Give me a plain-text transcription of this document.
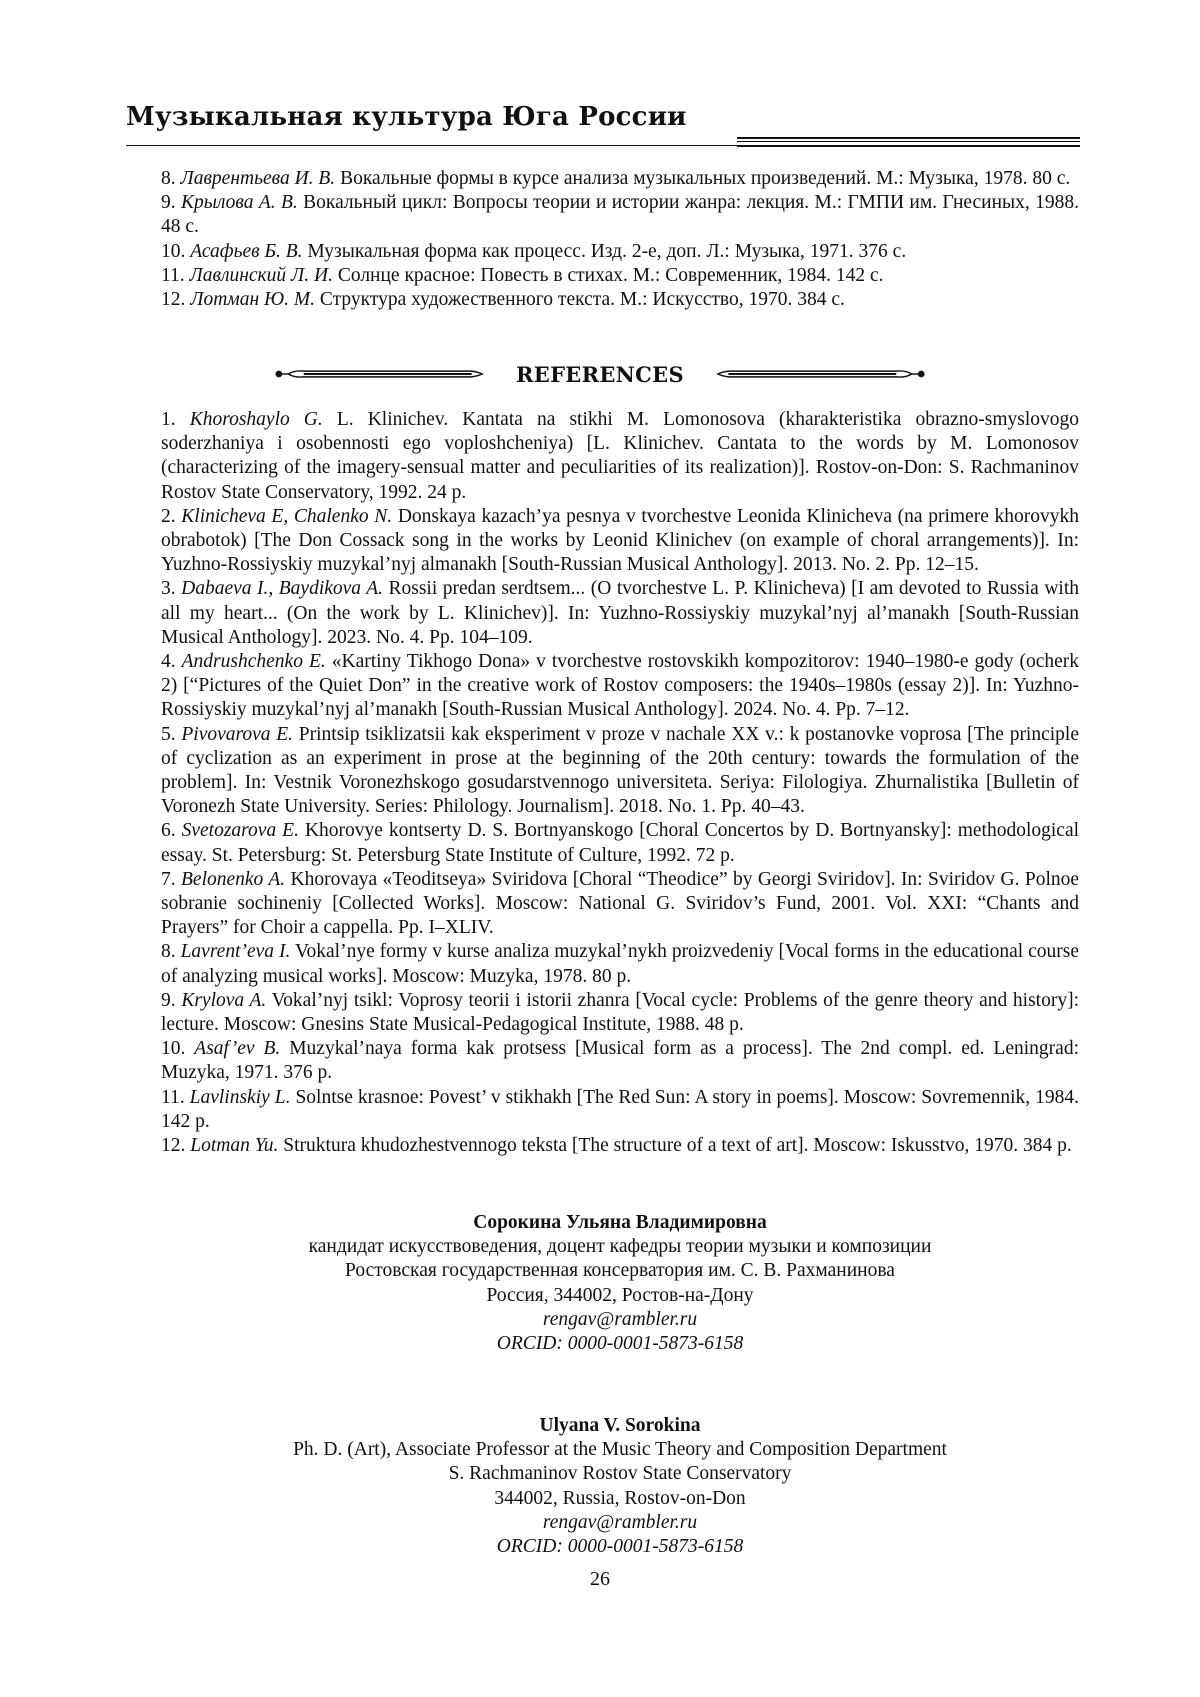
Музыкальная культура Юга России
8. Лаврентьева И. В. Вокальные формы в курсе анализа музыкальных произведений. М.: Музыка, 1978. 80 с.
9. Крылова А. В. Вокальный цикл: Вопросы теории и истории жанра: лекция. М.: ГМПИ им. Гнесиных, 1988. 48 с.
10. Асафьев Б. В. Музыкальная форма как процесс. Изд. 2-е, доп. Л.: Музыка, 1971. 376 с.
11. Лавлинский Л. И. Солнце красное: Повесть в стихах. М.: Современник, 1984. 142 с.
12. Лотман Ю. М. Структура художественного текста. М.: Искусство, 1970. 384 с.
REFERENCES
1. Khoroshaylo G. L. Klinichev. Kantata na stikhi M. Lomonosova (kharakteristika obrazno-smyslovogo soderzhaniya i osobennosti ego voploshcheniya) [L. Klinichev. Cantata to the words by M. Lomonosov (characterizing of the imagery-sensual matter and peculiarities of its realization)]. Rostov-on-Don: S. Rachmaninov Rostov State Conservatory, 1992. 24 p.
2. Klinicheva E, Chalenko N. Donskaya kazach’ya pesnya v tvorchestve Leonida Klinicheva (na primere khorovykh obrabotok) [The Don Cossack song in the works by Leonid Klinichev (on example of choral arrangements)]. In: Yuzhno-Rossiyskiy muzykal’nyj almanakh [South-Russian Musical Anthology]. 2013. No. 2. Pp. 12–15.
3. Dabaeva I., Baydikova A. Rossii predan serdtsem... (O tvorchestve L. P. Klinicheva) [I am devoted to Russia with all my heart... (On the work by L. Klinichev)]. In: Yuzhno-Rossiyskiy muzykal’nyj al’manakh [South-Russian Musical Anthology]. 2023. No. 4. Pp. 104–109.
4. Andrushchenko E. «Kartiny Tikhogo Dona» v tvorchestve rostovskikh kompozitorov: 1940–1980-e gody (ocherk 2) [“Pictures of the Quiet Don” in the creative work of Rostov composers: the 1940s–1980s (essay 2)]. In: Yuzhno-Rossiyskiy muzykal’nyj al’manakh [South-Russian Musical Anthology]. 2024. No. 4. Pp. 7–12.
5. Pivovarova E. Printsip tsiklizatsii kak eksperiment v proze v nachale XX v.: k postanovke voprosa [The principle of cyclization as an experiment in prose at the beginning of the 20th century: towards the formulation of the problem]. In: Vestnik Voronezhskogo gosudarstvennogo universiteta. Seriya: Filologiya. Zhurnalistika [Bulletin of Voronezh State University. Series: Philology. Journalism]. 2018. No. 1. Pp. 40–43.
6. Svetozarova E. Khorovye kontserty D. S. Bortnyanskogo [Choral Concertos by D. Bortnyansky]: methodological essay. St. Petersburg: St. Petersburg State Institute of Culture, 1992. 72 p.
7. Belonenko A. Khorovaya «Teoditseya» Sviridova [Choral “Theodice” by Georgi Sviridov]. In: Sviridov G. Polnoe sobranie sochineniy [Collected Works]. Moscow: National G. Sviridov’s Fund, 2001. Vol. XXI: “Chants and Prayers” for Choir a cappella. Pp. I–XLIV.
8. Lavrent’eva I. Vokal’nye formy v kurse analiza muzykal’nykh proizvedeniy [Vocal forms in the educational course of analyzing musical works]. Moscow: Muzyka, 1978. 80 p.
9. Krylova A. Vokal’nyj tsikl: Voprosy teorii i istorii zhanra [Vocal cycle: Problems of the genre theory and history]: lecture. Moscow: Gnesins State Musical-Pedagogical Institute, 1988. 48 p.
10. Asaf’ev B. Muzykal’naya forma kak protsess [Musical form as a process]. The 2nd compl. ed. Leningrad: Muzyka, 1971. 376 p.
11. Lavlinskiy L. Solntse krasnoe: Povest’ v stikhakh [The Red Sun: A story in poems]. Moscow: Sovremennik, 1984. 142 p.
12. Lotman Yu. Struktura khudozhestvennogo teksta [The structure of a text of art]. Moscow: Iskusstvo, 1970. 384 p.
Сорокина Ульяна Владимировна
кандидат искусствоведения, доцент кафедры теории музыки и композиции
Ростовская государственная консерватория им. С. В. Рахманинова
Россия, 344002, Ростов-на-Дону
rengav@rambler.ru
ORCID: 0000-0001-5873-6158
Ulyana V. Sorokina
Ph. D. (Art), Associate Professor at the Music Theory and Composition Department
S. Rachmaninov Rostov State Conservatory
344002, Russia, Rostov-on-Don
rengav@rambler.ru
ORCID: 0000-0001-5873-6158
26
